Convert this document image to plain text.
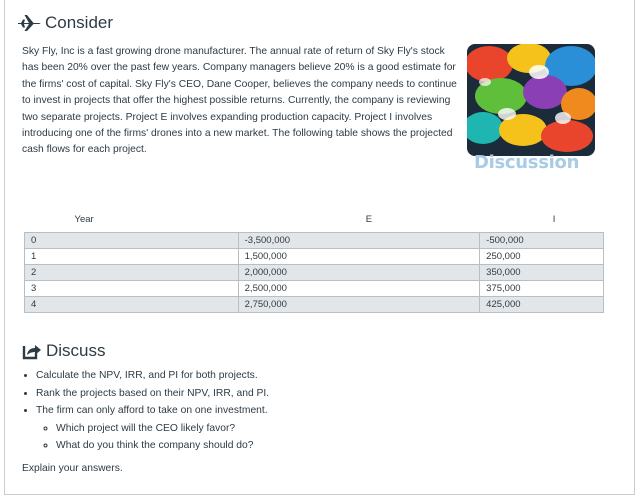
Consider

Sky Fly, Inc is a fast growing drone manufacturer. The annual rate of return of Sky Fly's stock has been 20% over the past few years. Company managers believe 20% is a good estimate for the firms' cost of capital. Sky Fly's CEO, Dane Cooper, believes the company needs to continue to invest in projects that offer the highest possible returns. Currently, the company is reviewing two separate projects. Project E involves expanding production capacity. Project I involves introducing one of the firms' drones into a new market. The following table shows the projected cash flows for each project.

Discussion
Year	E	I
0	-3,500,000	-500,000
1	1,500,000	250,000
2	2,000,000	350,000
3	2,500,000	375,000
4	2,750,000	425,000
Discuss
• Calculate the NPV, IRR, and PI for both projects.
• Rank the projects based on their NPV, IRR, and PI.
• The firm can only afford to take on one investment.
◦ Which project will the CEO likely favor?
◦ What do you think the company should do?
Explain your answers.
